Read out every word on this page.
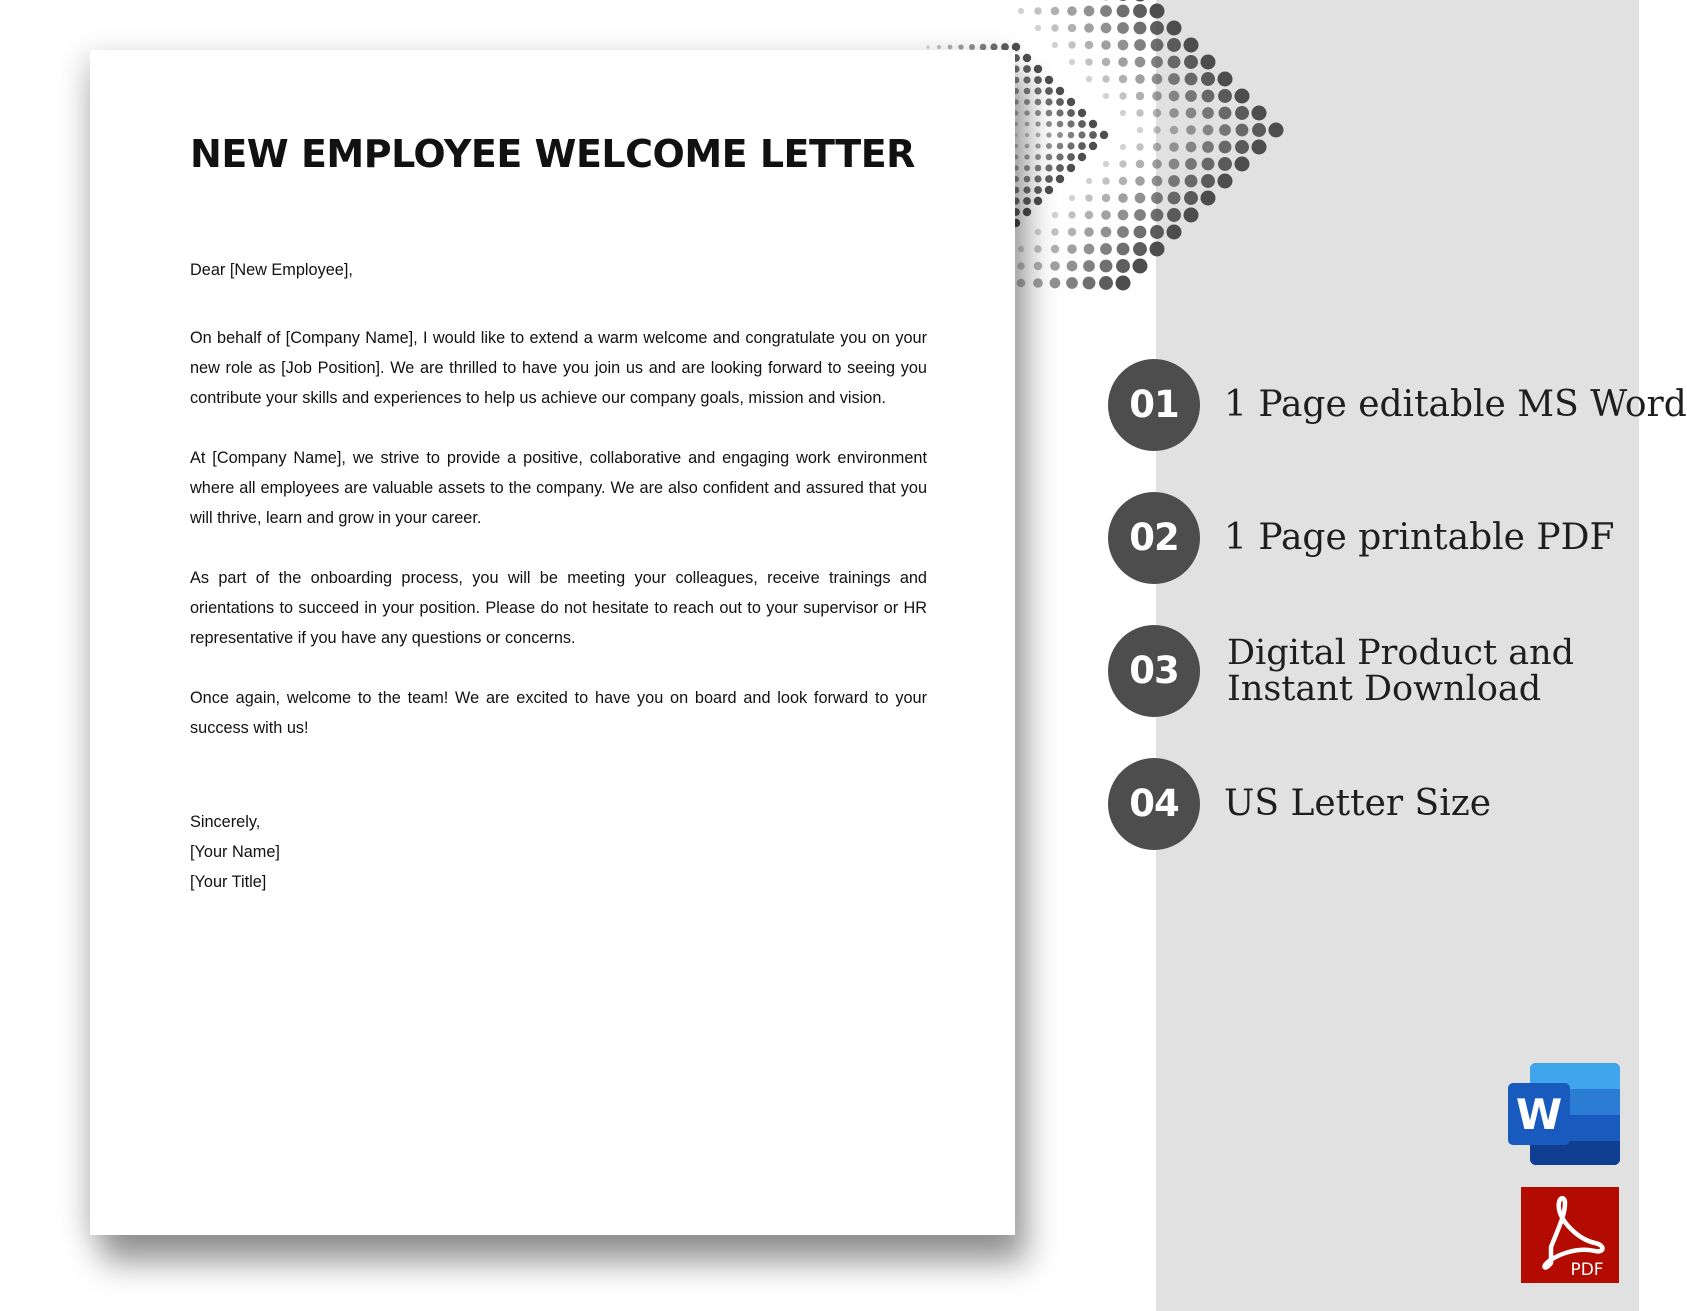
NEW EMPLOYEE WELCOME LETTER

Dear [New Employee],

On behalf of [Company Name], I would like to extend a warm welcome and congratulate you on your new role as [Job Position]. We are thrilled to have you join us and are looking forward to seeing you contribute your skills and experiences to help us achieve our company goals, mission and vision.

At [Company Name], we strive to provide a positive, collaborative and engaging work environment where all employees are valuable assets to the company. We are also confident and assured that you will thrive, learn and grow in your career.

As part of the onboarding process, you will be meeting your colleagues, receive trainings and orientations to succeed in your position. Please do not hesitate to reach out to your supervisor or HR representative if you have any questions or concerns.

Once again, welcome to the team! We are excited to have you on board and look forward to your success with us!

Sincerely,
[Your Name]
[Your Title]

01	1 Page editable MS Word
02	1 Page printable PDF
03	Digital Product and
Instant Download
04	US Letter Size
W
PDF
